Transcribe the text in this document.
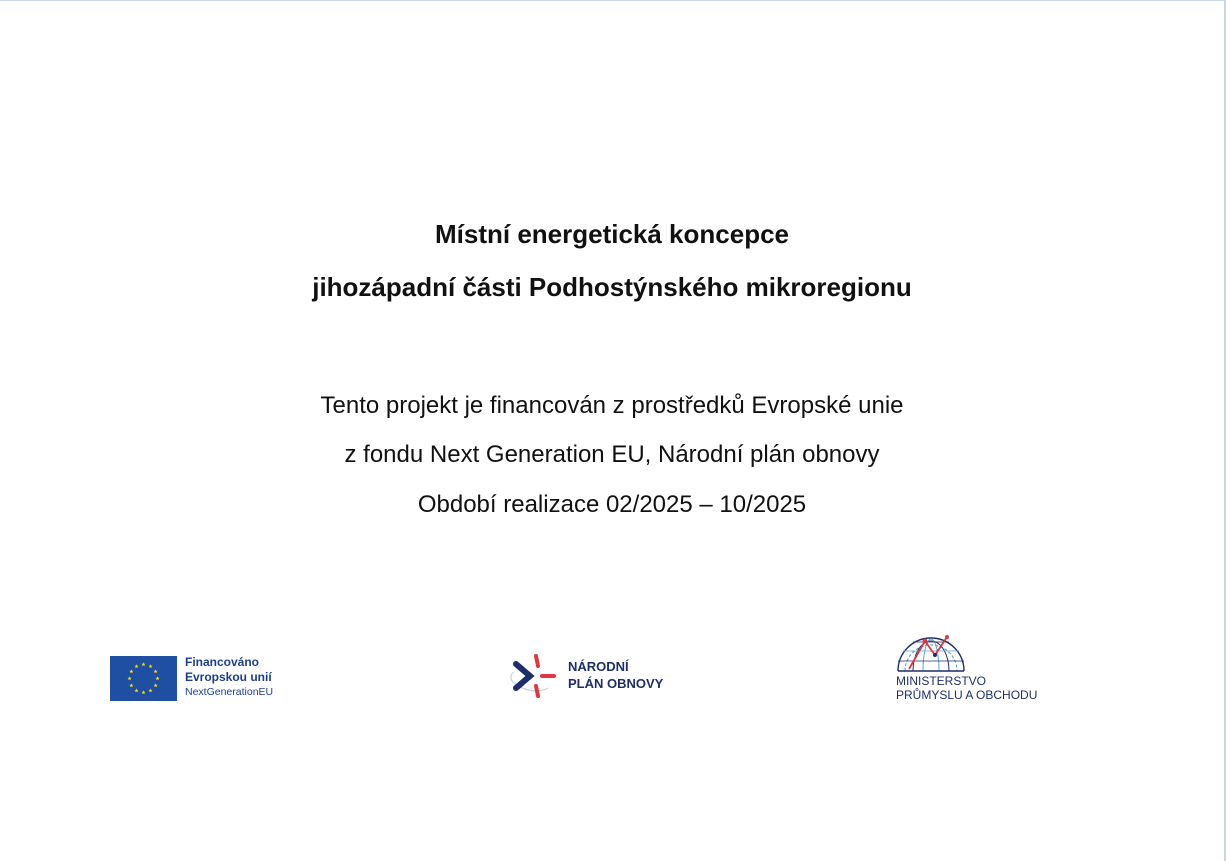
Místní energetická koncepce
jihozápadní části Podhostýnského mikroregionu
Tento projekt je financován z prostředků Evropské unie
z fondu Next Generation EU, Národní plán obnovy
Období realizace 02/2025 – 10/2025
Financováno
Evropskou unií
NextGenerationEU
NÁRODNÍ
PLÁN OBNOVY	MINISTERSTVO
PRŮMYSLU A OBCHODU
